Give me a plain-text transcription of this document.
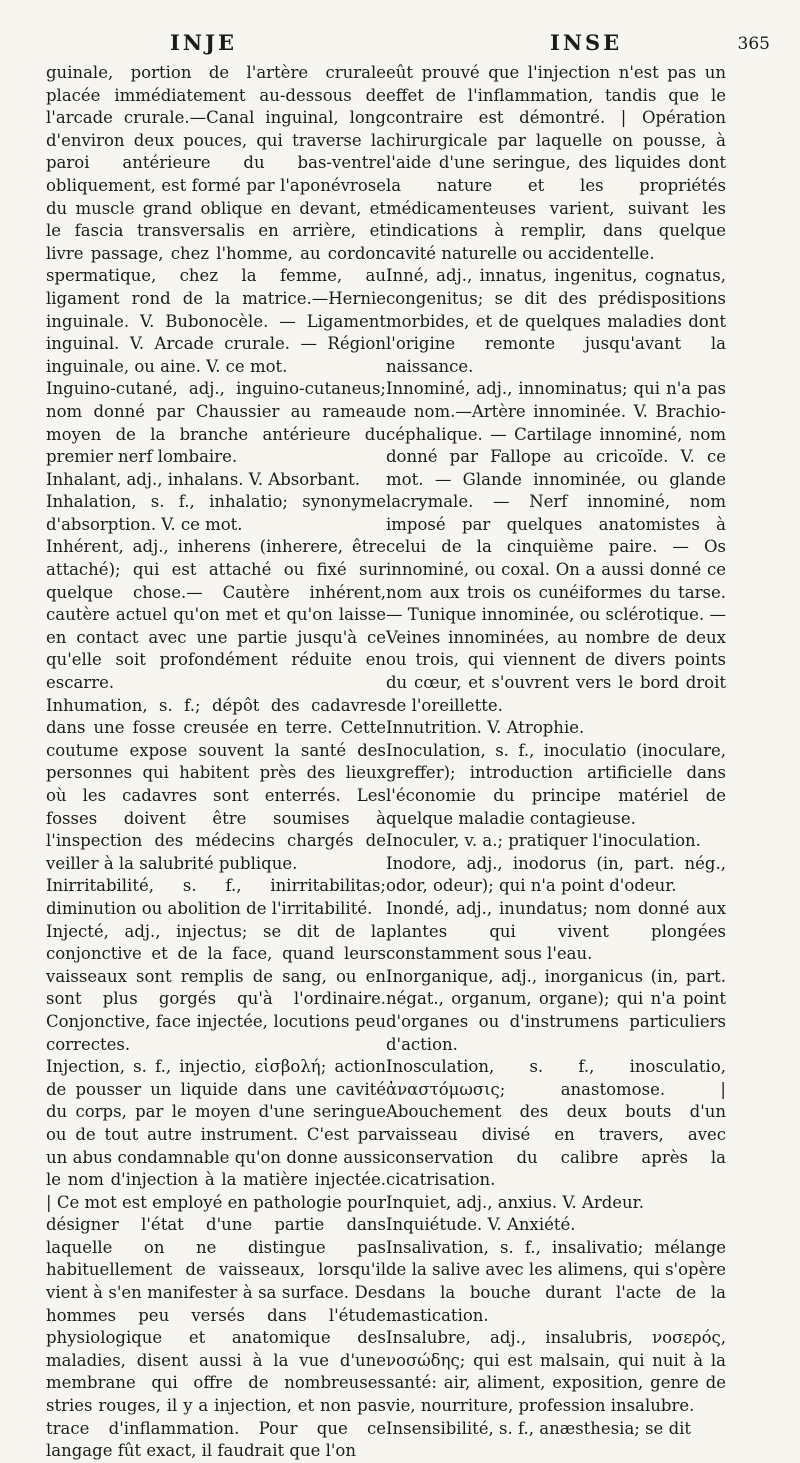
INJE	INSE	365

guinale, portion de l'artère crurale placée immédiatement au-dessous de l'arcade crurale.—Canal inguinal, long d'environ deux pouces, qui traverse la paroi antérieure du bas-ventre obliquement, est formé par l'aponévrose du muscle grand oblique en devant, et le fascia transversalis en arrière, et livre passage, chez l'homme, au cordon spermatique, chez la femme, au ligament rond de la matrice.—Hernie inguinale. V. Bubonocèle. — Ligament inguinal. V. Arcade crurale. — Région inguinale, ou aine. V. ce mot.

Inguino-cutané, adj., inguino-cutaneus; nom donné par Chaussier au rameau moyen de la branche antérieure du premier nerf lombaire.

Inhalant, adj., inhalans. V. Absorbant.

Inhalation, s. f., inhalatio; synonyme d'absorption. V. ce mot.

Inhérent, adj., inherens (inherere, être attaché); qui est attaché ou fixé sur quelque chose.— Cautère inhérent, cautère actuel qu'on met et qu'on laisse en contact avec une partie jusqu'à ce qu'elle soit profondément réduite en escarre.

Inhumation, s. f.; dépôt des cadavres dans une fosse creusée en terre. Cette coutume expose souvent la santé des personnes qui habitent près des lieux où les cadavres sont enterrés. Les fosses doivent être soumises à l'inspection des médecins chargés de veiller à la salubrité publique.

Inirritabilité, s. f., inirritabilitas; diminution ou abolition de l'irritabilité.

Injecté, adj., injectus; se dit de la conjonctive et de la face, quand leurs vaisseaux sont remplis de sang, ou en sont plus gorgés qu'à l'ordinaire. Conjonctive, face injectée, locutions peu correctes.

Injection, s. f., injectio, εἰσβολή; action de pousser un liquide dans une cavité du corps, par le moyen d'une seringue ou de tout autre instrument. C'est par un abus condamnable qu'on donne aussi le nom d'injection à la matière injectée. | Ce mot est employé en pathologie pour désigner l'état d'une partie dans laquelle on ne distingue pas habituellement de vaisseaux, lorsqu'il vient à s'en manifester à sa surface. Des hommes peu versés dans l'étude physiologique et anatomique des maladies, disent aussi à la vue d'une membrane qui offre de nombreuses stries rouges, il y a injection, et non pas trace d'inflammation. Pour que ce langage fût exact, il faudrait que l'on

eût prouvé que l'injection n'est pas un effet de l'inflammation, tandis que le contraire est démontré. | Opération chirurgicale par laquelle on pousse, à l'aide d'une seringue, des liquides dont la nature et les propriétés médicamenteuses varient, suivant les indications à remplir, dans quelque cavité naturelle ou accidentelle.

Inné, adj., innatus, ingenitus, cognatus, congenitus; se dit des prédispositions morbides, et de quelques maladies dont l'origine remonte jusqu'avant la naissance.

Innominé, adj., innominatus; qui n'a pas de nom.—Artère innominée. V. Brachio-céphalique. — Cartilage innominé, nom donné par Fallope au cricoïde. V. ce mot. — Glande innominée, ou glande lacrymale. — Nerf innominé, nom imposé par quelques anatomistes à celui de la cinquième paire. — Os innominé, ou coxal. On a aussi donné ce nom aux trois os cunéiformes du tarse. — Tunique innominée, ou sclérotique. — Veines innominées, au nombre de deux ou trois, qui viennent de divers points du cœur, et s'ouvrent vers le bord droit de l'oreillette.

Innutrition. V. Atrophie.

Inoculation, s. f., inoculatio (inoculare, greffer); introduction artificielle dans l'économie du principe matériel de quelque maladie contagieuse.

Inoculer, v. a.; pratiquer l'inoculation.

Inodore, adj., inodorus (in, part. nég., odor, odeur); qui n'a point d'odeur.

Inondé, adj., inundatus; nom donné aux plantes qui vivent plongées constamment sous l'eau.

Inorganique, adj., inorganicus (in, part. négat., organum, organe); qui n'a point d'organes ou d'instrumens particuliers d'action.

Inosculation, s. f., inosculatio, ἀναστόμωσις; anastomose. | Abouchement des deux bouts d'un vaisseau divisé en travers, avec conservation du calibre après la cicatrisation.

Inquiet, adj., anxius. V. Ardeur.

Inquiétude. V. Anxiété.

Insalivation, s. f., insalivatio; mélange de la salive avec les alimens, qui s'opère dans la bouche durant l'acte de la mastication.

Insalubre, adj., insalubris, νοσερός, νοσώδης; qui est malsain, qui nuit à la santé: air, aliment, exposition, genre de vie, nourriture, profession insalubre.

Insensibilité, s. f., anæsthesia; se dit
